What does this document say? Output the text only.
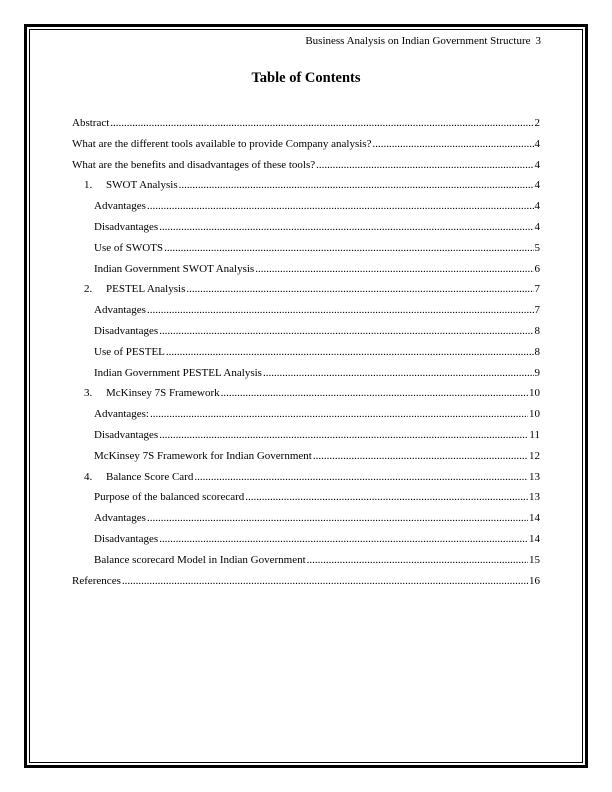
Business Analysis on Indian Government Structure 3
Table of Contents
Abstract .....	2
What are the different tools available to provide Company analysis? .....	4
What are the benefits and disadvantages of these tools? .....	4
1.	SWOT Analysis .....	4
Advantages .....	4
Disadvantages .....	4
Use of SWOTS .....	5
Indian Government SWOT Analysis .....	6
2.	PESTEL Analysis .....	7
Advantages .....	7
Disadvantages .....	8
Use of PESTEL .....	8
Indian Government PESTEL Analysis .....	9
3.	McKinsey 7S Framework .....	10
Advantages: .....	10
Disadvantages .....	11
McKinsey 7S Framework for Indian Government .....	12
4.	Balance Score Card .....	13
Purpose of the balanced scorecard .....	13
Advantages .....	14
Disadvantages .....	14
Balance scorecard Model in Indian Government .....	15
References .....	16
